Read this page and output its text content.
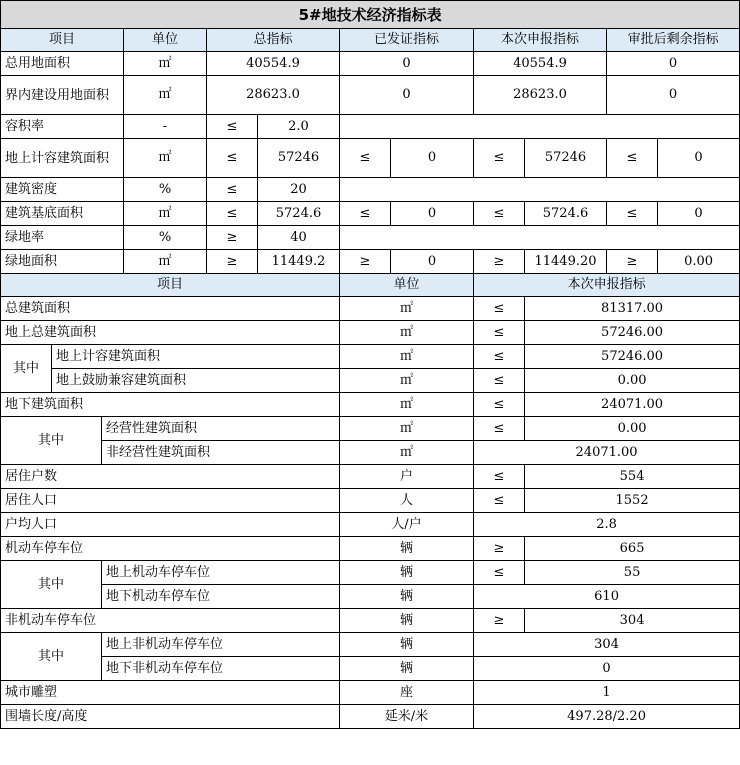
5#地技术经济指标表											
项目			单位	总指标		已发证指标		本次申报指标		审批后剩余指标	
总用地面积			㎡	40554.9		0		40554.9		0	
界内建设用地面积			㎡	28623.0		0		28623.0		0	
容积率			-	≤	2.0						
地上计容建筑面积			㎡	≤	57246	≤	0	≤	57246	≤	0
建筑密度			%	≤	20						
建筑基底面积			㎡	≤	5724.6	≤	0	≤	5724.6	≤	0
绿地率			%	≥	40						
绿地面积			㎡	≥	11449.2	≥	0	≥	11449.20	≥	0.00
项目						单位		本次申报指标			
总建筑面积						㎡		≤	81317.00		
地上总建筑面积						㎡		≤	57246.00		
其中	地上计容建筑面积					㎡		≤	57246.00		
	地上鼓励兼容建筑面积					㎡		≤	0.00		
地下建筑面积						㎡		≤	24071.00		
其中		经营性建筑面积				㎡		≤	0.00		
		非经营性建筑面积				㎡		24071.00			
居住户数						户		≤	554		
居住人口						人		≤	1552		
户均人口						人/户		2.8			
机动车停车位						辆		≥	665		
其中		地上机动车停车位				辆		≤	55		
		地下机动车停车位				辆		610			
非机动车停车位						辆		≥	304		
其中		地上非机动车停车位				辆		304			
		地下非机动车停车位				辆		0			
城市雕塑						座		1			
围墙长度/高度						延米/米		497.28/2.20			
